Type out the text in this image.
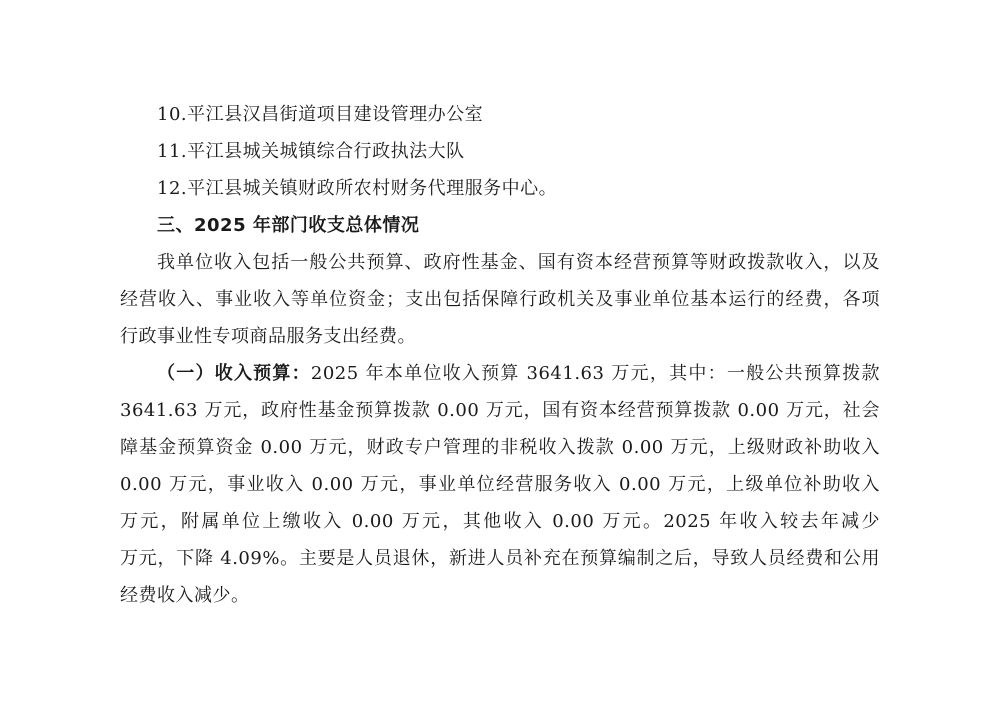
10.平江县汉昌街道项目建设管理办公室
11.平江县城关城镇综合行政执法大队
12.平江县城关镇财政所农村财务代理服务中心。
三、2025 年部门收支总体情况
我单位收入包括一般公共预算、政府性基金、国有资本经营预算等财政拨款收入，以及
经营收入、事业收入等单位资金；支出包括保障行政机关及事业单位基本运行的经费，各项
行政事业性专项商品服务支出经费。
（一）收入预算：2025 年本单位收入预算 3641.63 万元，其中：一般公共预算拨款
3641.63 万元，政府性基金预算拨款 0.00 万元，国有资本经营预算拨款 0.00 万元，社会
障基金预算资金 0.00 万元，财政专户管理的非税收入拨款 0.00 万元，上级财政补助收入
0.00 万元，事业收入 0.00 万元，事业单位经营服务收入 0.00 万元，上级单位补助收入
万元，附属单位上缴收入 0.00 万元，其他收入 0.00 万元。2025 年收入较去年减少
万元，下降 4.09%。主要是人员退休，新进人员补充在预算编制之后，导致人员经费和公用
经费收入减少。
